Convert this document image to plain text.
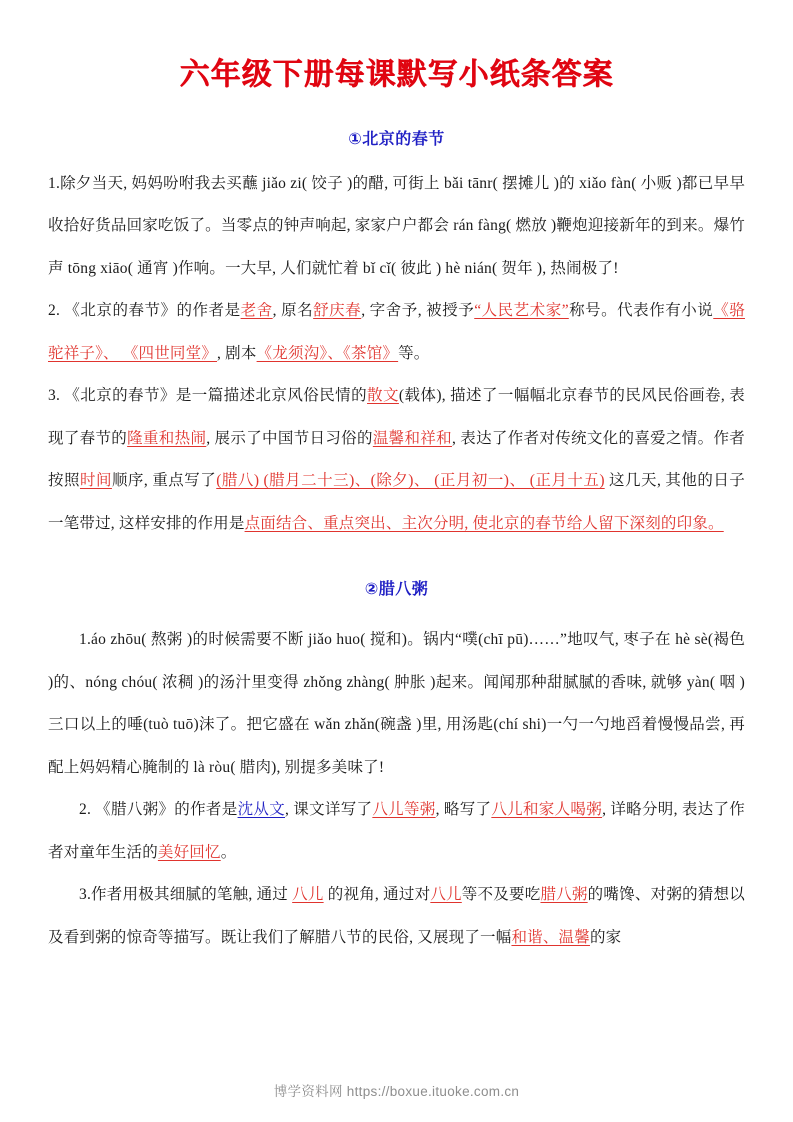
六年级下册每课默写小纸条答案
①北京的春节

1.除夕当天, 妈妈吩咐我去买蘸 jiǎo zi( 饺子 )的醋, 可街上 bǎi tānr( 摆摊儿 )的 xiǎo fàn( 小贩 )都已早早收拾好货品回家吃饭了。当零点的钟声响起, 家家户户都会 rán fàng( 燃放 )鞭炮迎接新年的到来。爆竹声 tōng xiāo( 通宵 )作响。一大早, 人们就忙着 bǐ cǐ( 彼此 ) hè nián( 贺年 ), 热闹极了!

2. 《北京的春节》的作者是老舍, 原名舒庆春, 字舍予, 被授予“人民艺术家”称号。代表作有小说《骆驼祥子》、 《四世同堂》, 剧本《龙须沟》、《茶馆》等。

3. 《北京的春节》是一篇描述北京风俗民情的散文(载体), 描述了一幅幅北京春节的民风民俗画卷, 表现了春节的隆重和热闹, 展示了中国节日习俗的温馨和祥和, 表达了作者对传统文化的喜爱之情。作者按照时间顺序, 重点写了(腊八) (腊月二十三)、(除夕)、 (正月初一)、 (正月十五) 这几天, 其他的日子一笔带过, 这样安排的作用是点面结合、重点突出、主次分明, 使北京的春节给人留下深刻的印象。

②腊八粥

1.áo zhōu( 熬粥 )的时候需要不断 jiǎo huo( 搅和)。锅内“噗(chī pū)……”地叹气, 枣子在 hè sè(褐色 )的、nóng chóu( 浓稠 )的汤汁里变得 zhǒng zhàng( 肿胀 )起来。闻闻那种甜腻腻的香味, 就够 yàn( 咽 )三口以上的唾(tuò tuō)沫了。把它盛在 wǎn zhǎn(碗盏 )里, 用汤匙(chí shi)一勺一勺地舀着慢慢品尝, 再配上妈妈精心腌制的 là ròu( 腊肉), 别提多美味了!

2. 《腊八粥》的作者是沈从文, 课文详写了八儿等粥, 略写了八儿和家人喝粥, 详略分明, 表达了作者对童年生活的美好回忆。

3.作者用极其细腻的笔触, 通过 八儿 的视角, 通过对八儿等不及要吃腊八粥的嘴馋、对粥的猜想以及看到粥的惊奇等描写。既让我们了解腊八节的民俗, 又展现了一幅和谐、温馨的家

博学资料网 https://boxue.ituoke.com.cn
